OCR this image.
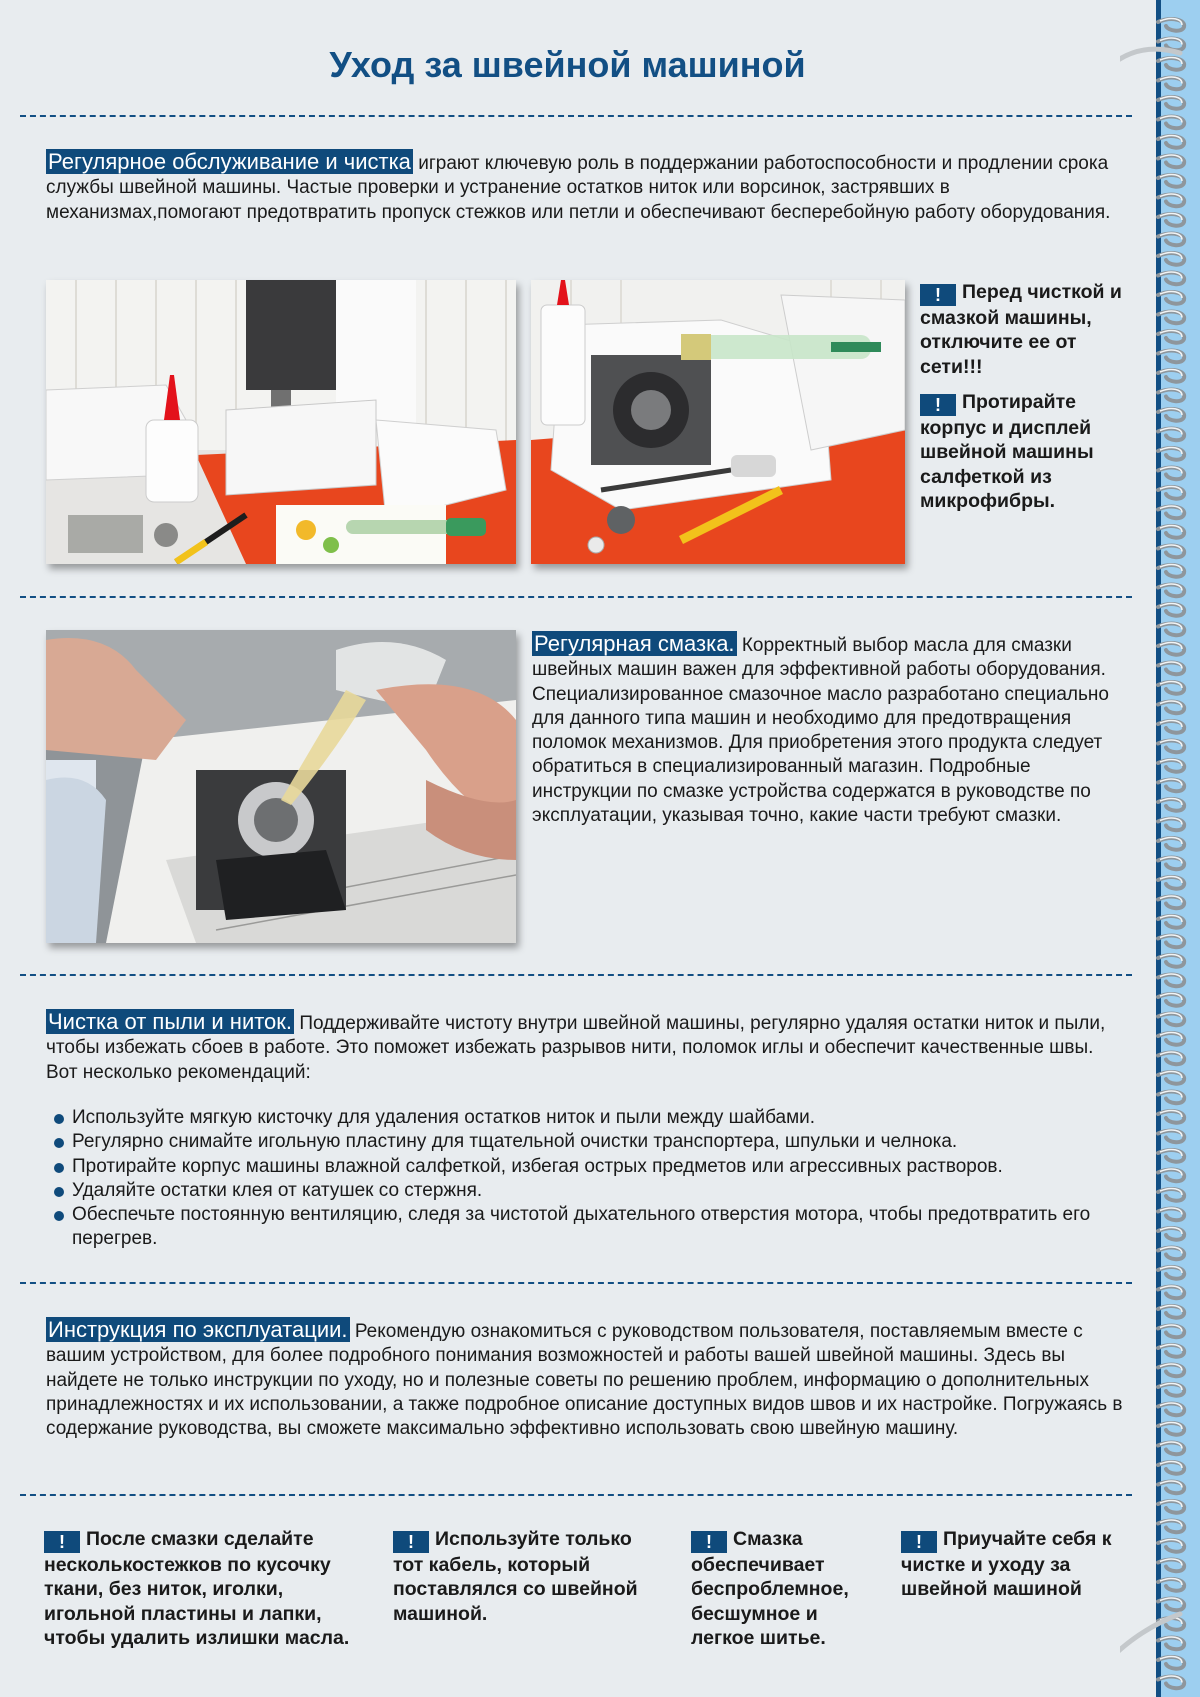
Уход за швейной машиной

Регулярное обслуживание и чистка играют ключевую роль в поддержании работоспособности и продлении срока службы швейной машины. Частые проверки и устранение остатков ниток или ворсинок, застрявших в механизмах,помогают предотвратить пропуск стежков или петли и обеспечивают бесперебойную работу оборудования.

! Перед чисткой и смазкой машины, отключите ее от сети!!!
! Протирайте корпус и дисплей швейной машины салфеткой из микрофибры.

Регулярная смазка. Корректный выбор масла для смазки швейных машин важен для эффективной работы оборудования. Специализированное смазочное масло разработано специально для данного типа машин и необходимо для предотвращения поломок механизмов. Для приобретения этого продукта следует обратиться в специализированный магазин. Подробные инструкции по смазке устройства содержатся в руководстве по эксплуатации, указывая точно, какие части требуют смазки.

Чистка от пыли и ниток. Поддерживайте чистоту внутри швейной машины, регулярно удаляя остатки ниток и пыли, чтобы избежать сбоев в работе. Это поможет избежать разрывов нити, поломок иглы и обеспечит качественные швы. Вот несколько рекомендаций:

Используйте мягкую кисточку для удаления остатков ниток и пыли между шайбами.
Регулярно снимайте игольную пластину для тщательной очистки транспортера, шпульки и челнока.
Протирайте корпус машины влажной салфеткой, избегая острых предметов или агрессивных растворов.
Удаляйте остатки клея от катушек со стержня.
Обеспечьте постоянную вентиляцию, следя за чистотой дыхательного отверстия мотора, чтобы предотвратить его перегрев.

Инструкция по эксплуатации. Рекомендую ознакомиться с руководством пользователя, поставляемым вместе с вашим устройством, для более подробного понимания возможностей и работы вашей швейной машины. Здесь вы найдете не только инструкции по уходу, но и полезные советы по решению проблем, информацию о дополнительных принадлежностях и их использовании, а также подробное описание доступных видов швов и их настройке. Погружаясь в содержание руководства, вы сможете максимально эффективно использовать свою швейную машину.

! После смазки сделайте несколькостежков по кусочку ткани, без ниток, иголки, игольной пластины и лапки, чтобы удалить излишки масла.
! Используйте только тот кабель, который поставлялся со швейной машиной.
! Смазка обеспечивает беспроблемное, бесшумное и легкое шитье.
! Приучайте себя к чистке и уходу за швейной машиной
